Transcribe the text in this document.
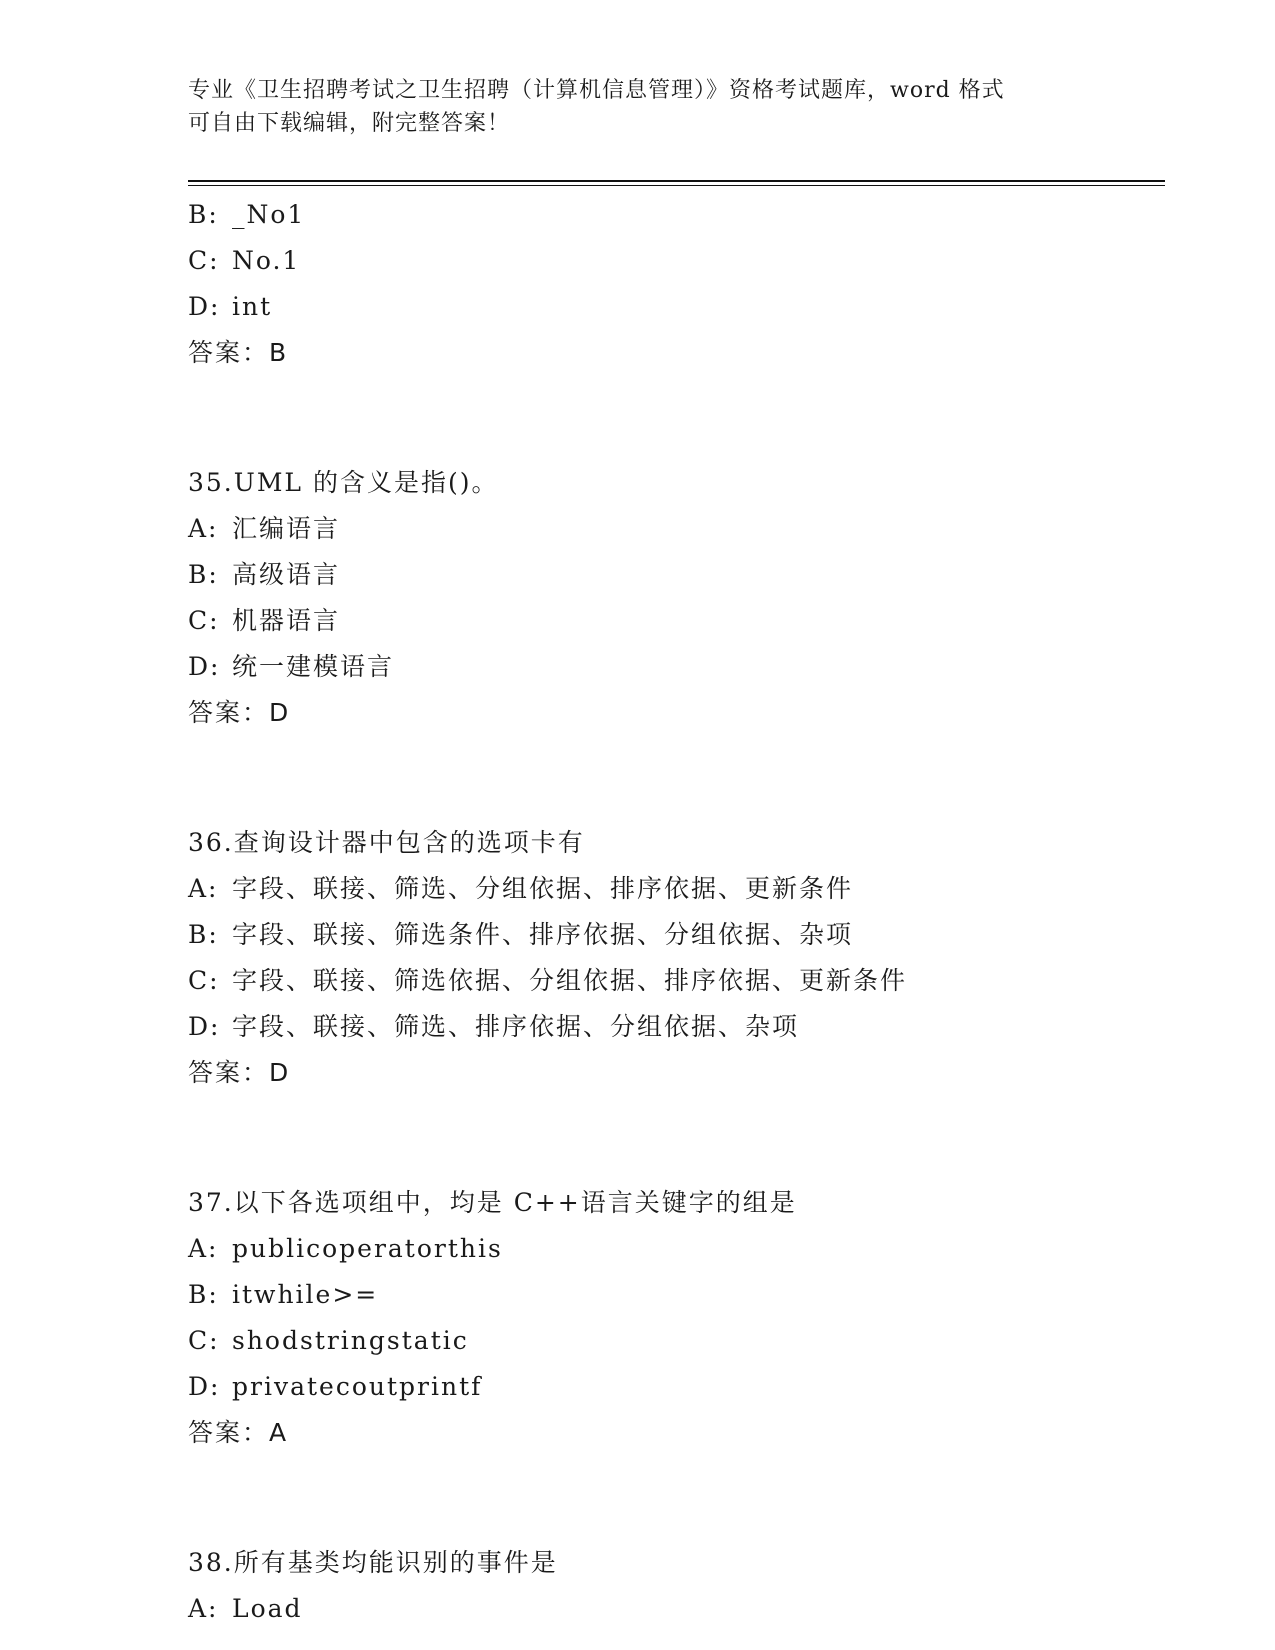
专业《卫生招聘考试之卫生招聘（计算机信息管理）》资格考试题库，word 格式
可自由下载编辑，附完整答案！
B: _No1
C: No.1
D: int
答案：B
35.UML 的含义是指()。
A: 汇编语言
B: 高级语言
C: 机器语言
D: 统一建模语言
答案：D
36.查询设计器中包含的选项卡有
A: 字段、联接、筛选、分组依据、排序依据、更新条件
B: 字段、联接、筛选条件、排序依据、分组依据、杂项
C: 字段、联接、筛选依据、分组依据、排序依据、更新条件
D: 字段、联接、筛选、排序依据、分组依据、杂项
答案：D
37.以下各选项组中，均是 C++语言关键字的组是
A: publicoperatorthis
B: itwhile>=
C: shodstringstatic
D: privatecoutprintf
答案：A
38.所有基类均能识别的事件是
A: Load
